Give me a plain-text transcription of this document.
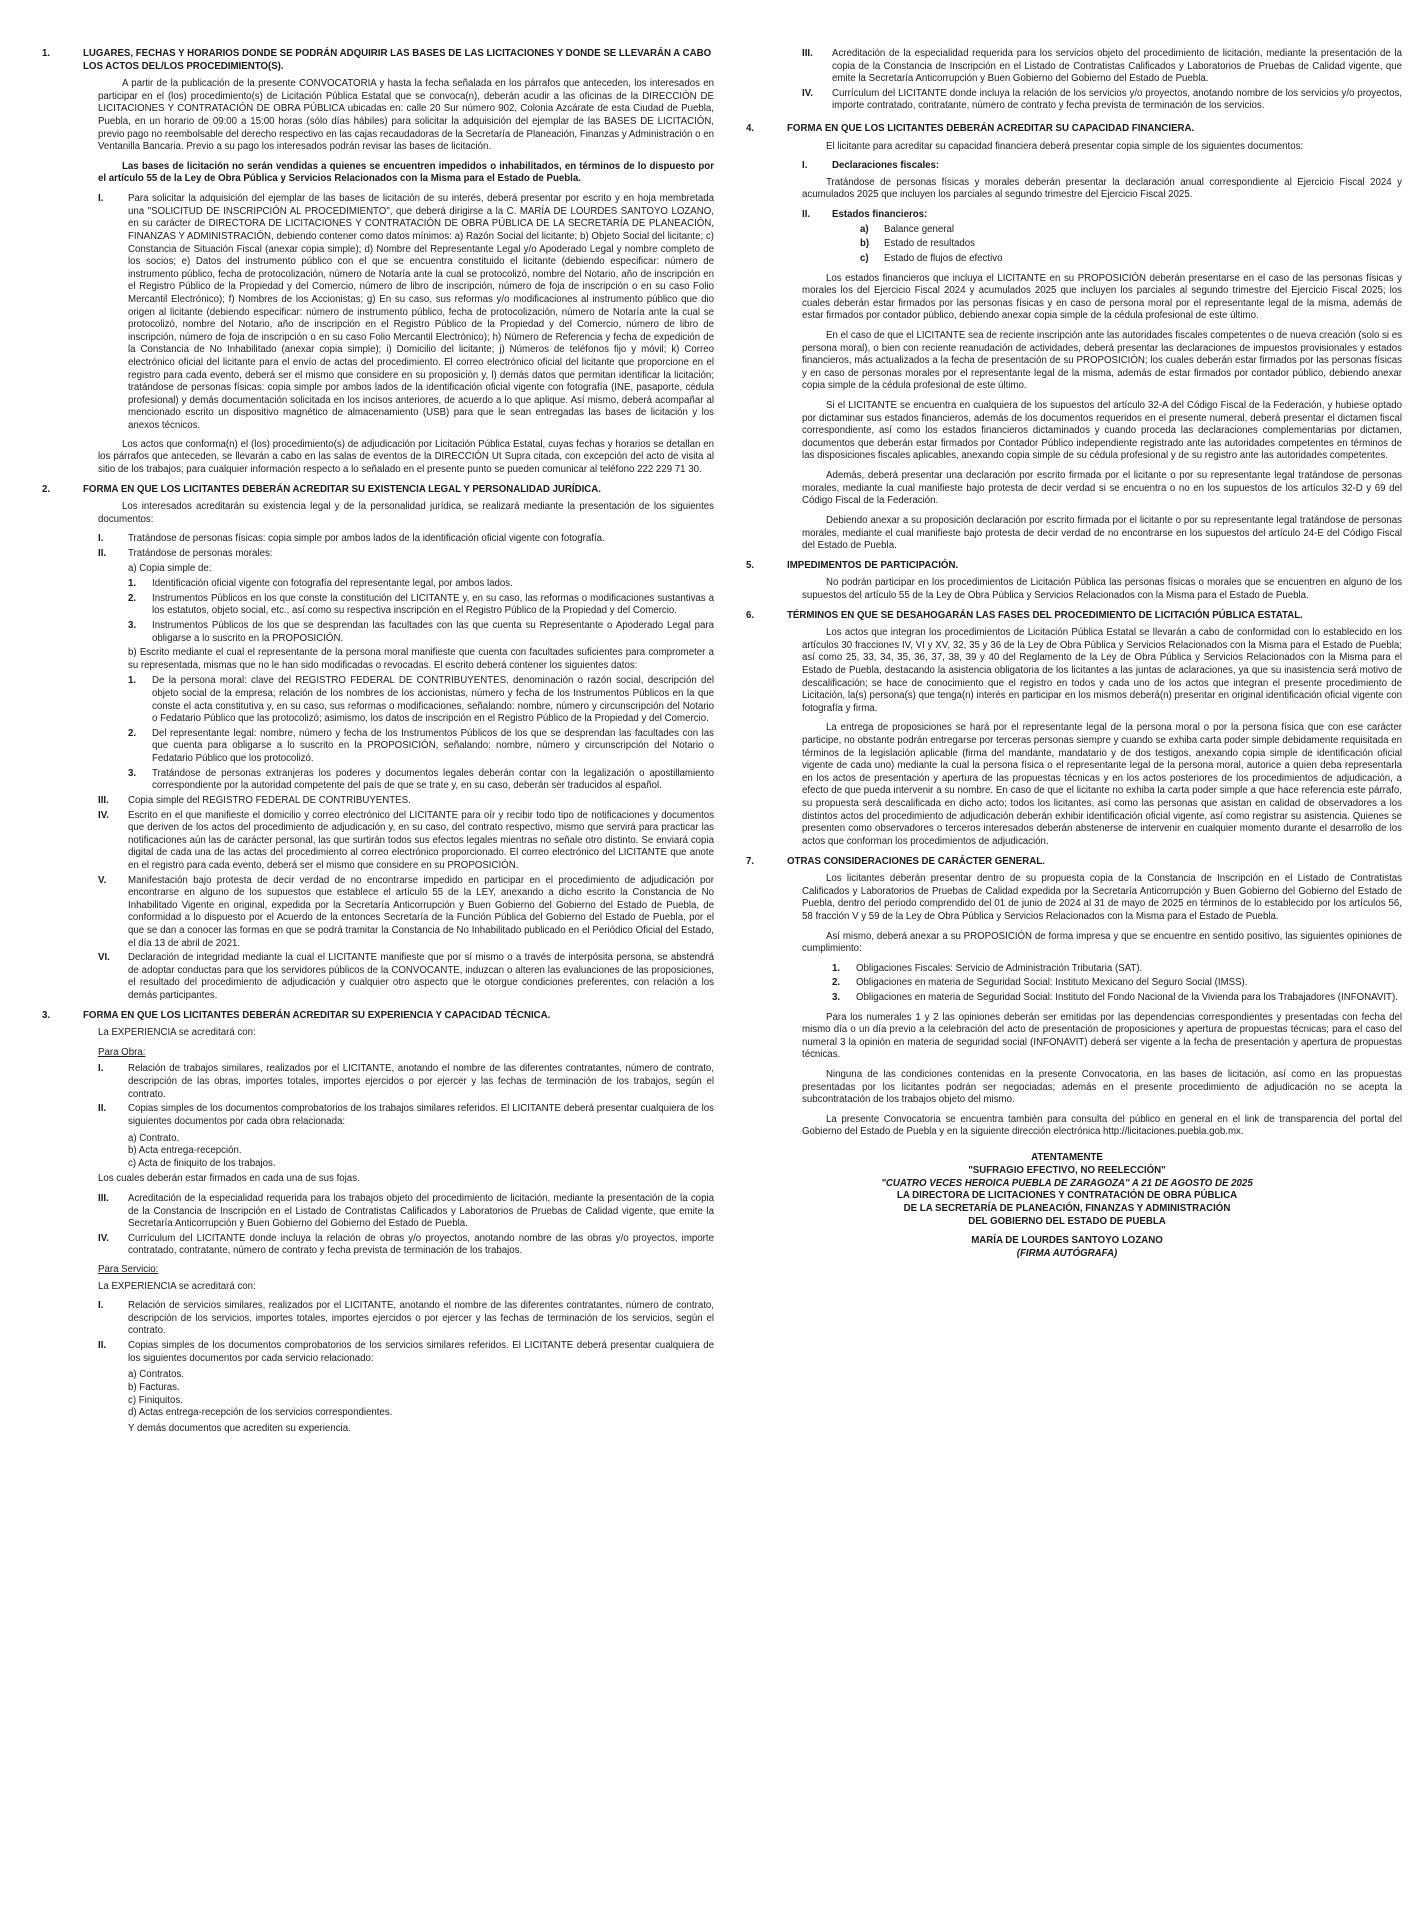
1.	LUGARES, FECHAS Y HORARIOS DONDE SE PODRÁN ADQUIRIR LAS BASES DE LAS LICITACIONES Y DONDE SE LLEVARÁN A CABO LOS ACTOS DEL/LOS PROCEDIMIENTO(S).

A partir de la publicación de la presente CONVOCATORIA y hasta la fecha señalada en los párrafos que anteceden, los interesados en participar en el (los) procedimiento(s) de Licitación Pública Estatal que se convoca(n), deberán acudir a las oficinas de la DIRECCIÓN DE LICITACIONES Y CONTRATACIÓN DE OBRA PÚBLICA ubicadas en: calle 20 Sur número 902, Colonia Azcárate de esta Ciudad de Puebla, Puebla, en un horario de 09:00 a 15:00 horas (sólo días hábiles) para solicitar la adquisición del ejemplar de las BASES DE LICITACIÓN, previo pago no reembolsable del derecho respectivo en las cajas recaudadoras de la Secretaría de Planeación, Finanzas y Administración o en Ventanilla Bancaria. Previo a su pago los interesados podrán revisar las bases de licitación.

Las bases de licitación no serán vendidas a quienes se encuentren impedidos o inhabilitados, en términos de lo dispuesto por el artículo 55 de la Ley de Obra Pública y Servicios Relacionados con la Misma para el Estado de Puebla.

I.	Para solicitar la adquisición del ejemplar de las bases de licitación de su interés, deberá presentar por escrito y en hoja membretada una "SOLICITUD DE INSCRIPCIÓN AL PROCEDIMIENTO", que deberá dirigirse a la C. MARÍA DE LOURDES SANTOYO LOZANO, en su carácter de DIRECTORA DE LICITACIONES Y CONTRATACIÓN DE OBRA PÚBLICA DE LA SECRETARÍA DE PLANEACIÓN, FINANZAS Y ADMINISTRACIÓN, debiendo contener como datos mínimos: a) Razón Social del licitante; b) Objeto Social del licitante; c) Constancia de Situación Fiscal (anexar copia simple); d) Nombre del Representante Legal y/o Apoderado Legal y nombre completo de los socios; e) Datos del instrumento público con el que se encuentra constituido el licitante (debiendo especificar: número de instrumento público, fecha de protocolización, número de Notaría ante la cual se protocolizó, nombre del Notario, año de inscripción en el Registro Público de la Propiedad y del Comercio, número de libro de inscripción, número de foja de inscripción o en su caso Folio Mercantil Electrónico); f) Nombres de los Accionistas; g) En su caso, sus reformas y/o modificaciones al instrumento público que dio origen al licitante (debiendo especificar: número de instrumento público, fecha de protocolización, número de Notaría ante la cual se protocolizó, nombre del Notario, año de inscripción en el Registro Público de la Propiedad y del Comercio, número de libro de inscripción, número de foja de inscripción o en su caso Folio Mercantil Electrónico); h) Número de Referencia y fecha de expedición de la Constancia de No Inhabilitado (anexar copia simple); i) Domicilio del licitante; j) Números de teléfonos fijo y móvil; k) Correo electrónico oficial del licitante para el envío de actas del procedimiento. El correo electrónico oficial del licitante que proporcione en el registro para cada evento, deberá ser el mismo que considere en su proposición y, l) demás datos que permitan identificar la licitación; tratándose de personas físicas: copia simple por ambos lados de la identificación oficial vigente con fotografía (INE, pasaporte, cédula profesional) y demás documentación solicitada en los incisos anteriores, de acuerdo a lo que aplique. Así mismo, deberá acompañar al mencionado escrito un dispositivo magnético de almacenamiento (USB) para que le sean entregadas las bases de licitación y los anexos técnicos.

Los actos que conforma(n) el (los) procedimiento(s) de adjudicación por Licitación Pública Estatal, cuyas fechas y horarios se detallan en los párrafos que anteceden, se llevarán a cabo en las salas de eventos de la DIRECCIÓN Ut Supra citada, con excepción del acto de visita al sitio de los trabajos; para cualquier información respecto a lo señalado en el presente punto se pueden comunicar al teléfono 222 229 71 30.

2.	FORMA EN QUE LOS LICITANTES DEBERÁN ACREDITAR SU EXISTENCIA LEGAL Y PERSONALIDAD JURÍDICA.

Los interesados acreditarán su existencia legal y de la personalidad jurídica, se realizará mediante la presentación de los siguientes documentos:

I.	Tratándose de personas físicas: copia simple por ambos lados de la identificación oficial vigente con fotografía.
II.	Tratándose de personas morales:

a) Copia simple de:

1.	Identificación oficial vigente con fotografía del representante legal, por ambos lados.
2.	Instrumentos Públicos en los que conste la constitución del LICITANTE y, en su caso, las reformas o modificaciones sustantivas a los estatutos, objeto social, etc., así como su respectiva inscripción en el Registro Público de la Propiedad y del Comercio.
3.	Instrumentos Públicos de los que se desprendan las facultades con las que cuenta su Representante o Apoderado Legal para obligarse a lo suscrito en la PROPOSICIÓN.

b) Escrito mediante el cual el representante de la persona moral manifieste que cuenta con facultades suficientes para comprometer a su representada, mismas que no le han sido modificadas o revocadas. El escrito deberá contener los siguientes datos:

1.	De la persona moral: clave del REGISTRO FEDERAL DE CONTRIBUYENTES, denominación o razón social, descripción del objeto social de la empresa; relación de los nombres de los accionistas, número y fecha de los Instrumentos Públicos en la que conste el acta constitutiva y, en su caso, sus reformas o modificaciones, señalando: nombre, número y circunscripción del Notario o Fedatario Público que las protocolizó; asimismo, los datos de inscripción en el Registro Público de la Propiedad y del Comercio.
2.	Del representante legal: nombre, número y fecha de los Instrumentos Públicos de los que se desprendan las facultades con las que cuenta para obligarse a lo suscrito en la PROPOSICIÓN, señalando: nombre, número y circunscripción del Notario o Fedatario Público que los protocolizó.
3.	Tratándose de personas extranjeras los poderes y documentos legales deberán contar con la legalización o apostillamiento correspondiente por la autoridad competente del país de que se trate y, en su caso, deberán ser traducidos al español.
III.	Copia simple del REGISTRO FEDERAL DE CONTRIBUYENTES.
IV.	Escrito en el que manifieste el domicilio y correo electrónico del LICITANTE para oír y recibir todo tipo de notificaciones y documentos que deriven de los actos del procedimiento de adjudicación y, en su caso, del contrato respectivo, mismo que servirá para practicar las notificaciones aún las de carácter personal, las que surtirán todos sus efectos legales mientras no señale otro distinto. Se enviará copia digital de cada una de las actas del procedimiento al correo electrónico proporcionado. El correo electrónico del LICITANTE que anote en el registro para cada evento, deberá ser el mismo que considere en su PROPOSICIÓN.
V.	Manifestación bajo protesta de decir verdad de no encontrarse impedido en participar en el procedimiento de adjudicación por encontrarse en alguno de los supuestos que establece el artículo 55 de la LEY, anexando a dicho escrito la Constancia de No Inhabilitado Vigente en original, expedida por la Secretaría Anticorrupción y Buen Gobierno del Gobierno del Estado de Puebla, de conformidad a lo dispuesto por el Acuerdo de la entonces Secretaría de la Función Pública del Gobierno del Estado de Puebla, por el que se dan a conocer las formas en que se podrá tramitar la Constancia de No Inhabilitado publicado en el Periódico Oficial del Estado, el día 13 de abril de 2021.
VI.	Declaración de integridad mediante la cual el LICITANTE manifieste que por sí mismo o a través de interpósita persona, se abstendrá de adoptar conductas para que los servidores públicos de la CONVOCANTE, induzcan o alteren las evaluaciones de las proposiciones, el resultado del procedimiento de adjudicación y cualquier otro aspecto que le otorgue condiciones preferentes, con relación a los demás participantes.
3.	FORMA EN QUE LOS LICITANTES DEBERÁN ACREDITAR SU EXPERIENCIA Y CAPACIDAD TÉCNICA.

La EXPERIENCIA se acreditará con:

Para Obra:

I.	Relación de trabajos similares, realizados por el LICITANTE, anotando el nombre de las diferentes contratantes, número de contrato, descripción de las obras, importes totales, importes ejercidos o por ejercer y las fechas de terminación de los trabajos, según el contrato.
II.	Copias simples de los documentos comprobatorios de los trabajos similares referidos. El LICITANTE deberá presentar cualquiera de los siguientes documentos por cada obra relacionada:

a) Contrato.

b) Acta entrega-recepción.

c) Acta de finiquito de los trabajos.

Los cuales deberán estar firmados en cada una de sus fojas.

III.	Acreditación de la especialidad requerida para los trabajos objeto del procedimiento de licitación, mediante la presentación de la copia de la Constancia de Inscripción en el Listado de Contratistas Calificados y Laboratorios de Pruebas de Calidad vigente, que emite la Secretaría Anticorrupción y Buen Gobierno del Gobierno del Estado de Puebla.
IV.	Currículum del LICITANTE donde incluya la relación de obras y/o proyectos, anotando nombre de las obras y/o proyectos, importe contratado, contratante, número de contrato y fecha prevista de terminación de los trabajos.

Para Servicio:

La EXPERIENCIA se acreditará con:

I.	Relación de servicios similares, realizados por el LICITANTE, anotando el nombre de las diferentes contratantes, número de contrato, descripción de los servicios, importes totales, importes ejercidos o por ejercer y las fechas de terminación de los servicios, según el contrato.
II.	Copias simples de los documentos comprobatorios de los servicios similares referidos. El LICITANTE deberá presentar cualquiera de los siguientes documentos por cada servicio relacionado:

a) Contratos.

b) Facturas.

c) Finiquitos.

d) Actas entrega-recepción de los servicios correspondientes.

Y demás documentos que acrediten su experiencia.

III.	Acreditación de la especialidad requerida para los servicios objeto del procedimiento de licitación, mediante la presentación de la copia de la Constancia de Inscripción en el Listado de Contratistas Calificados y Laboratorios de Pruebas de Calidad vigente, que emite la Secretaría Anticorrupción y Buen Gobierno del Gobierno del Estado de Puebla.
IV.	Currículum del LICITANTE donde incluya la relación de los servicios y/o proyectos, anotando nombre de los servicios y/o proyectos, importe contratado, contratante, número de contrato y fecha prevista de terminación de los servicios.
4.	FORMA EN QUE LOS LICITANTES DEBERÁN ACREDITAR SU CAPACIDAD FINANCIERA.

El licitante para acreditar su capacidad financiera deberá presentar copia simple de los siguientes documentos:

I.	Declaraciones fiscales:

Tratándose de personas físicas y morales deberán presentar la declaración anual correspondiente al Ejercicio Fiscal 2024 y acumulados 2025 que incluyen los parciales al segundo trimestre del Ejercicio Fiscal 2025.

II.	Estados financieros:
a)	Balance general
b)	Estado de resultados
c)	Estado de flujos de efectivo

Los estados financieros que incluya el LICITANTE en su PROPOSICIÓN deberán presentarse en el caso de las personas físicas y morales los del Ejercicio Fiscal 2024 y acumulados 2025 que incluyen los parciales al segundo trimestre del Ejercicio Fiscal 2025; los cuales deberán estar firmados por las personas físicas y en caso de persona moral por el representante legal de la misma, además de estar firmados por contador público, debiendo anexar copia simple de la cédula profesional de este último.

En el caso de que el LICITANTE sea de reciente inscripción ante las autoridades fiscales competentes o de nueva creación (solo si es persona moral), o bien con reciente reanudación de actividades, deberá presentar las declaraciones de impuestos provisionales y estados financieros, más actualizados a la fecha de presentación de su PROPOSICIÓN; los cuales deberán estar firmados por las personas físicas y en caso de personas morales por el representante legal de la misma, además de estar firmados por contador público, debiendo anexar copia simple de la cédula profesional de este último.

Si el LICITANTE se encuentra en cualquiera de los supuestos del artículo 32-A del Código Fiscal de la Federación, y hubiese optado por dictaminar sus estados financieros, además de los documentos requeridos en el presente numeral, deberá presentar el dictamen fiscal correspondiente, así como los estados financieros dictaminados y cuando proceda las declaraciones complementarias por dictamen, documentos que deberán estar firmados por Contador Público independiente registrado ante las autoridades competentes en términos de las disposiciones fiscales aplicables, anexando copia simple de su cédula profesional y de su registro ante las autoridades competentes.

Además, deberá presentar una declaración por escrito firmada por el licitante o por su representante legal tratándose de personas morales, mediante la cual manifieste bajo protesta de decir verdad si se encuentra o no en los supuestos de los artículos 32-D y 69 del Código Fiscal de la Federación.

Debiendo anexar a su proposición declaración por escrito firmada por el licitante o por su representante legal tratándose de personas morales, mediante el cual manifieste bajo protesta de decir verdad de no encontrarse en los supuestos del artículo 24-E del Código Fiscal del Estado de Puebla.

5.	IMPEDIMENTOS DE PARTICIPACIÓN.

No podrán participar en los procedimientos de Licitación Pública las personas físicas o morales que se encuentren en alguno de los supuestos del artículo 55 de la Ley de Obra Pública y Servicios Relacionados con la Misma para el Estado de Puebla.

6.	TÉRMINOS EN QUE SE DESAHOGARÁN LAS FASES DEL PROCEDIMIENTO DE LICITACIÓN PÚBLICA ESTATAL.

Los actos que integran los procedimientos de Licitación Pública Estatal se llevarán a cabo de conformidad con lo establecido en los artículos 30 fracciones IV, VI y XV, 32, 35 y 36 de la Ley de Obra Pública y Servicios Relacionados con la Misma para el Estado de Puebla; así como 25, 33, 34, 35, 36, 37, 38, 39 y 40 del Reglamento de la Ley de Obra Pública y Servicios Relacionados con la Misma para el Estado de Puebla, destacando la asistencia obligatoria de los licitantes a las juntas de aclaraciones, ya que su inasistencia será motivo de descalificación; se hace de conocimiento que el registro en todos y cada uno de los actos que integran el presente procedimiento de Licitación, la(s) persona(s) que tenga(n) interés en participar en los mismos deberá(n) presentar en original identificación oficial vigente con fotografía y firma.

La entrega de proposiciones se hará por el representante legal de la persona moral o por la persona física que con ese carácter participe, no obstante podrán entregarse por terceras personas siempre y cuando se exhiba carta poder simple debidamente requisitada en términos de la legislación aplicable (firma del mandante, mandatario y de dos testigos, anexando copia simple de identificación oficial vigente de cada uno) mediante la cual la persona física o el representante legal de la persona moral, autorice a quien deba representarla en los actos de presentación y apertura de las propuestas técnicas y en los actos posteriores de los procedimientos de adjudicación, a efecto de que pueda intervenir a su nombre. En caso de que el licitante no exhiba la carta poder simple a que hace referencia este párrafo, su propuesta será descalificada en dicho acto; todos los licitantes, así como las personas que asistan en calidad de observadores a los distintos actos del procedimiento de adjudicación deberán exhibir identificación oficial vigente, así como registrar su asistencia. Quienes se presenten como observadores o terceros interesados deberán abstenerse de intervenir en cualquier momento durante el desarrollo de los actos que conforman los procedimientos de adjudicación.

7.	OTRAS CONSIDERACIONES DE CARÁCTER GENERAL.

Los licitantes deberán presentar dentro de su propuesta copia de la Constancia de Inscripción en el Listado de Contratistas Calificados y Laboratorios de Pruebas de Calidad expedida por la Secretaría Anticorrupción y Buen Gobierno del Gobierno del Estado de Puebla, dentro del periodo comprendido del 01 de junio de 2024 al 31 de mayo de 2025 en términos de lo establecido por los artículos 56, 58 fracción V y 59 de la Ley de Obra Pública y Servicios Relacionados con la Misma para el Estado de Puebla.

Así mismo, deberá anexar a su PROPOSICIÓN de forma impresa y que se encuentre en sentido positivo, las siguientes opiniones de cumplimiento:

1.	Obligaciones Fiscales: Servicio de Administración Tributaria (SAT).
2.	Obligaciones en materia de Seguridad Social: Instituto Mexicano del Seguro Social (IMSS).
3.	Obligaciones en materia de Seguridad Social: Instituto del Fondo Nacional de la Vivienda para los Trabajadores (INFONAVIT).

Para los numerales 1 y 2 las opiniones deberán ser emitidas por las dependencias correspondientes y presentadas con fecha del mismo día o un día previo a la celebración del acto de presentación de proposiciones y apertura de propuestas técnicas; para el caso del numeral 3 la opinión en materia de seguridad social (INFONAVIT) deberá ser vigente a la fecha de presentación y apertura de propuestas técnicas.

Ninguna de las condiciones contenidas en la presente Convocatoria, en las bases de licitación, así como en las propuestas presentadas por los licitantes podrán ser negociadas; además en el presente procedimiento de adjudicación no se acepta la subcontratación de los trabajos objeto del mismo.

La presente Convocatoria se encuentra también para consulta del público en general en el link de transparencia del portal del Gobierno del Estado de Puebla y en la siguiente dirección electrónica http://licitaciones.puebla.gob.mx.

ATENTAMENTE

"SUFRAGIO EFECTIVO, NO REELECCIÓN"

"CUATRO VECES HEROICA PUEBLA DE ZARAGOZA" A 21 DE AGOSTO DE 2025

LA DIRECTORA DE LICITACIONES Y CONTRATACIÓN DE OBRA PÚBLICA

DE LA SECRETARÍA DE PLANEACIÓN, FINANZAS Y ADMINISTRACIÓN

DEL GOBIERNO DEL ESTADO DE PUEBLA

MARÍA DE LOURDES SANTOYO LOZANO

(FIRMA AUTÓGRAFA)
